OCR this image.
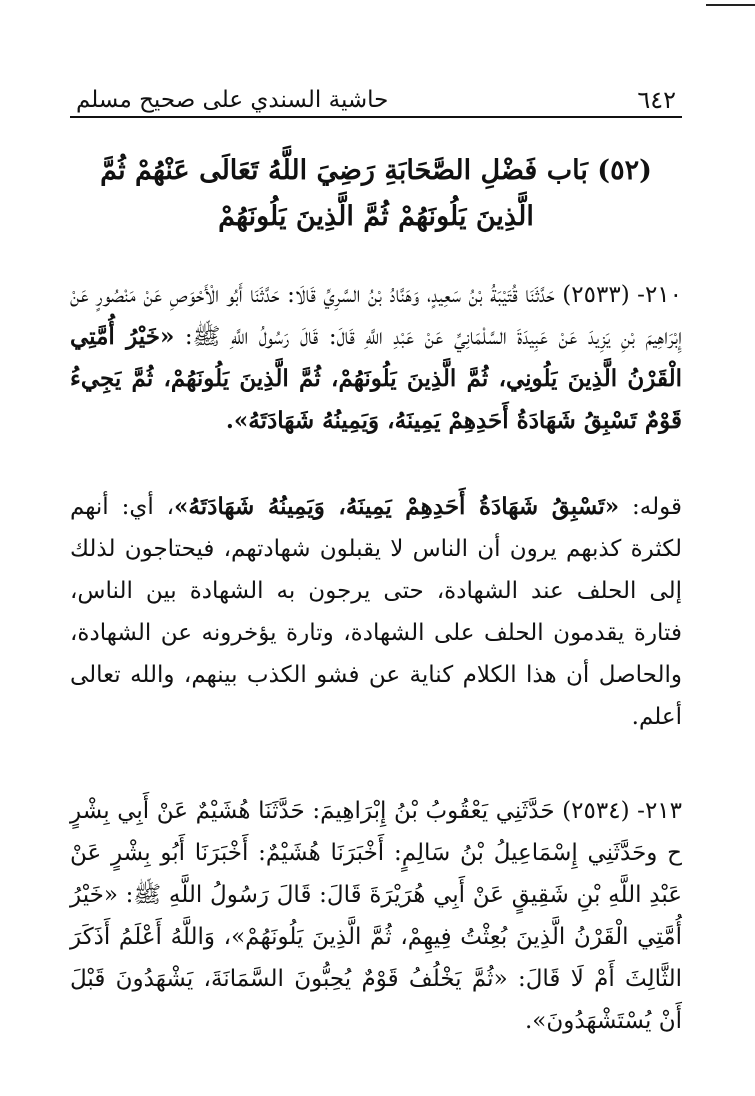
٦٤٢
حاشية السندي على صحيح مسلم
(٥٢) بَاب فَضْلِ الصَّحَابَةِ رَضِيَ اللَّهُ تَعَالَى عَنْهُمْ ثُمَّ الَّذِينَ يَلُونَهُمْ ثُمَّ الَّذِينَ يَلُونَهُمْ
٢١٠- (٢٥٣٣) حَدَّثَنَا قُتَيْبَةُ بْنُ سَعِيدٍ، وَهَنَّادُ بْنُ السَّرِيِّ قَالَا: حَدَّثَنَا أَبُو الْأَحْوَصِ عَنْ مَنْصُورٍ عَنْ إِبْرَاهِيمَ بْنِ يَزِيدَ عَنْ عَبِيدَةَ السَّلْمَانِيِّ عَنْ عَبْدِ اللَّهِ قَالَ: قَالَ رَسُولُ اللَّهِ ﷺ: «خَيْرُ أُمَّتِي الْقَرْنُ الَّذِينَ يَلُونِي، ثُمَّ الَّذِينَ يَلُونَهُمْ، ثُمَّ الَّذِينَ يَلُونَهُمْ، ثُمَّ يَجِيءُ قَوْمٌ تَسْبِقُ شَهَادَةُ أَحَدِهِمْ يَمِينَهُ، وَيَمِينُهُ شَهَادَتَهُ».
قوله: «تَسْبِقُ شَهَادَةُ أَحَدِهِمْ يَمِينَهُ، وَيَمِينُهُ شَهَادَتَهُ»، أي: أنهم لكثرة كذبهم يرون أن الناس لا يقبلون شهادتهم، فيحتاجون لذلك إلى الحلف عند الشهادة، حتى يرجون به الشهادة بين الناس، فتارة يقدمون الحلف على الشهادة، وتارة يؤخرونه عن الشهادة، والحاصل أن هذا الكلام كناية عن فشو الكذب بينهم، والله تعالى أعلم.
٢١٣- (٢٥٣٤) حَدَّثَنِي يَعْقُوبُ بْنُ إِبْرَاهِيمَ: حَدَّثَنَا هُشَيْمٌ عَنْ أَبِي بِشْرٍ ح وحَدَّثَنِي إِسْمَاعِيلُ بْنُ سَالِمٍ: أَخْبَرَنَا هُشَيْمٌ: أَخْبَرَنَا أَبُو بِشْرٍ عَنْ عَبْدِ اللَّهِ بْنِ شَقِيقٍ عَنْ أَبِي هُرَيْرَةَ قَالَ: قَالَ رَسُولُ اللَّهِ ﷺ: «خَيْرُ أُمَّتِي الْقَرْنُ الَّذِينَ بُعِثْتُ فِيهِمْ، ثُمَّ الَّذِينَ يَلُونَهُمْ»، وَاللَّهُ أَعْلَمُ أَذَكَرَ الثَّالِثَ أَمْ لَا قَالَ: «ثُمَّ يَخْلُفُ قَوْمٌ يُحِبُّونَ السَّمَانَةَ، يَشْهَدُونَ قَبْلَ أَنْ يُسْتَشْهَدُونَ».
